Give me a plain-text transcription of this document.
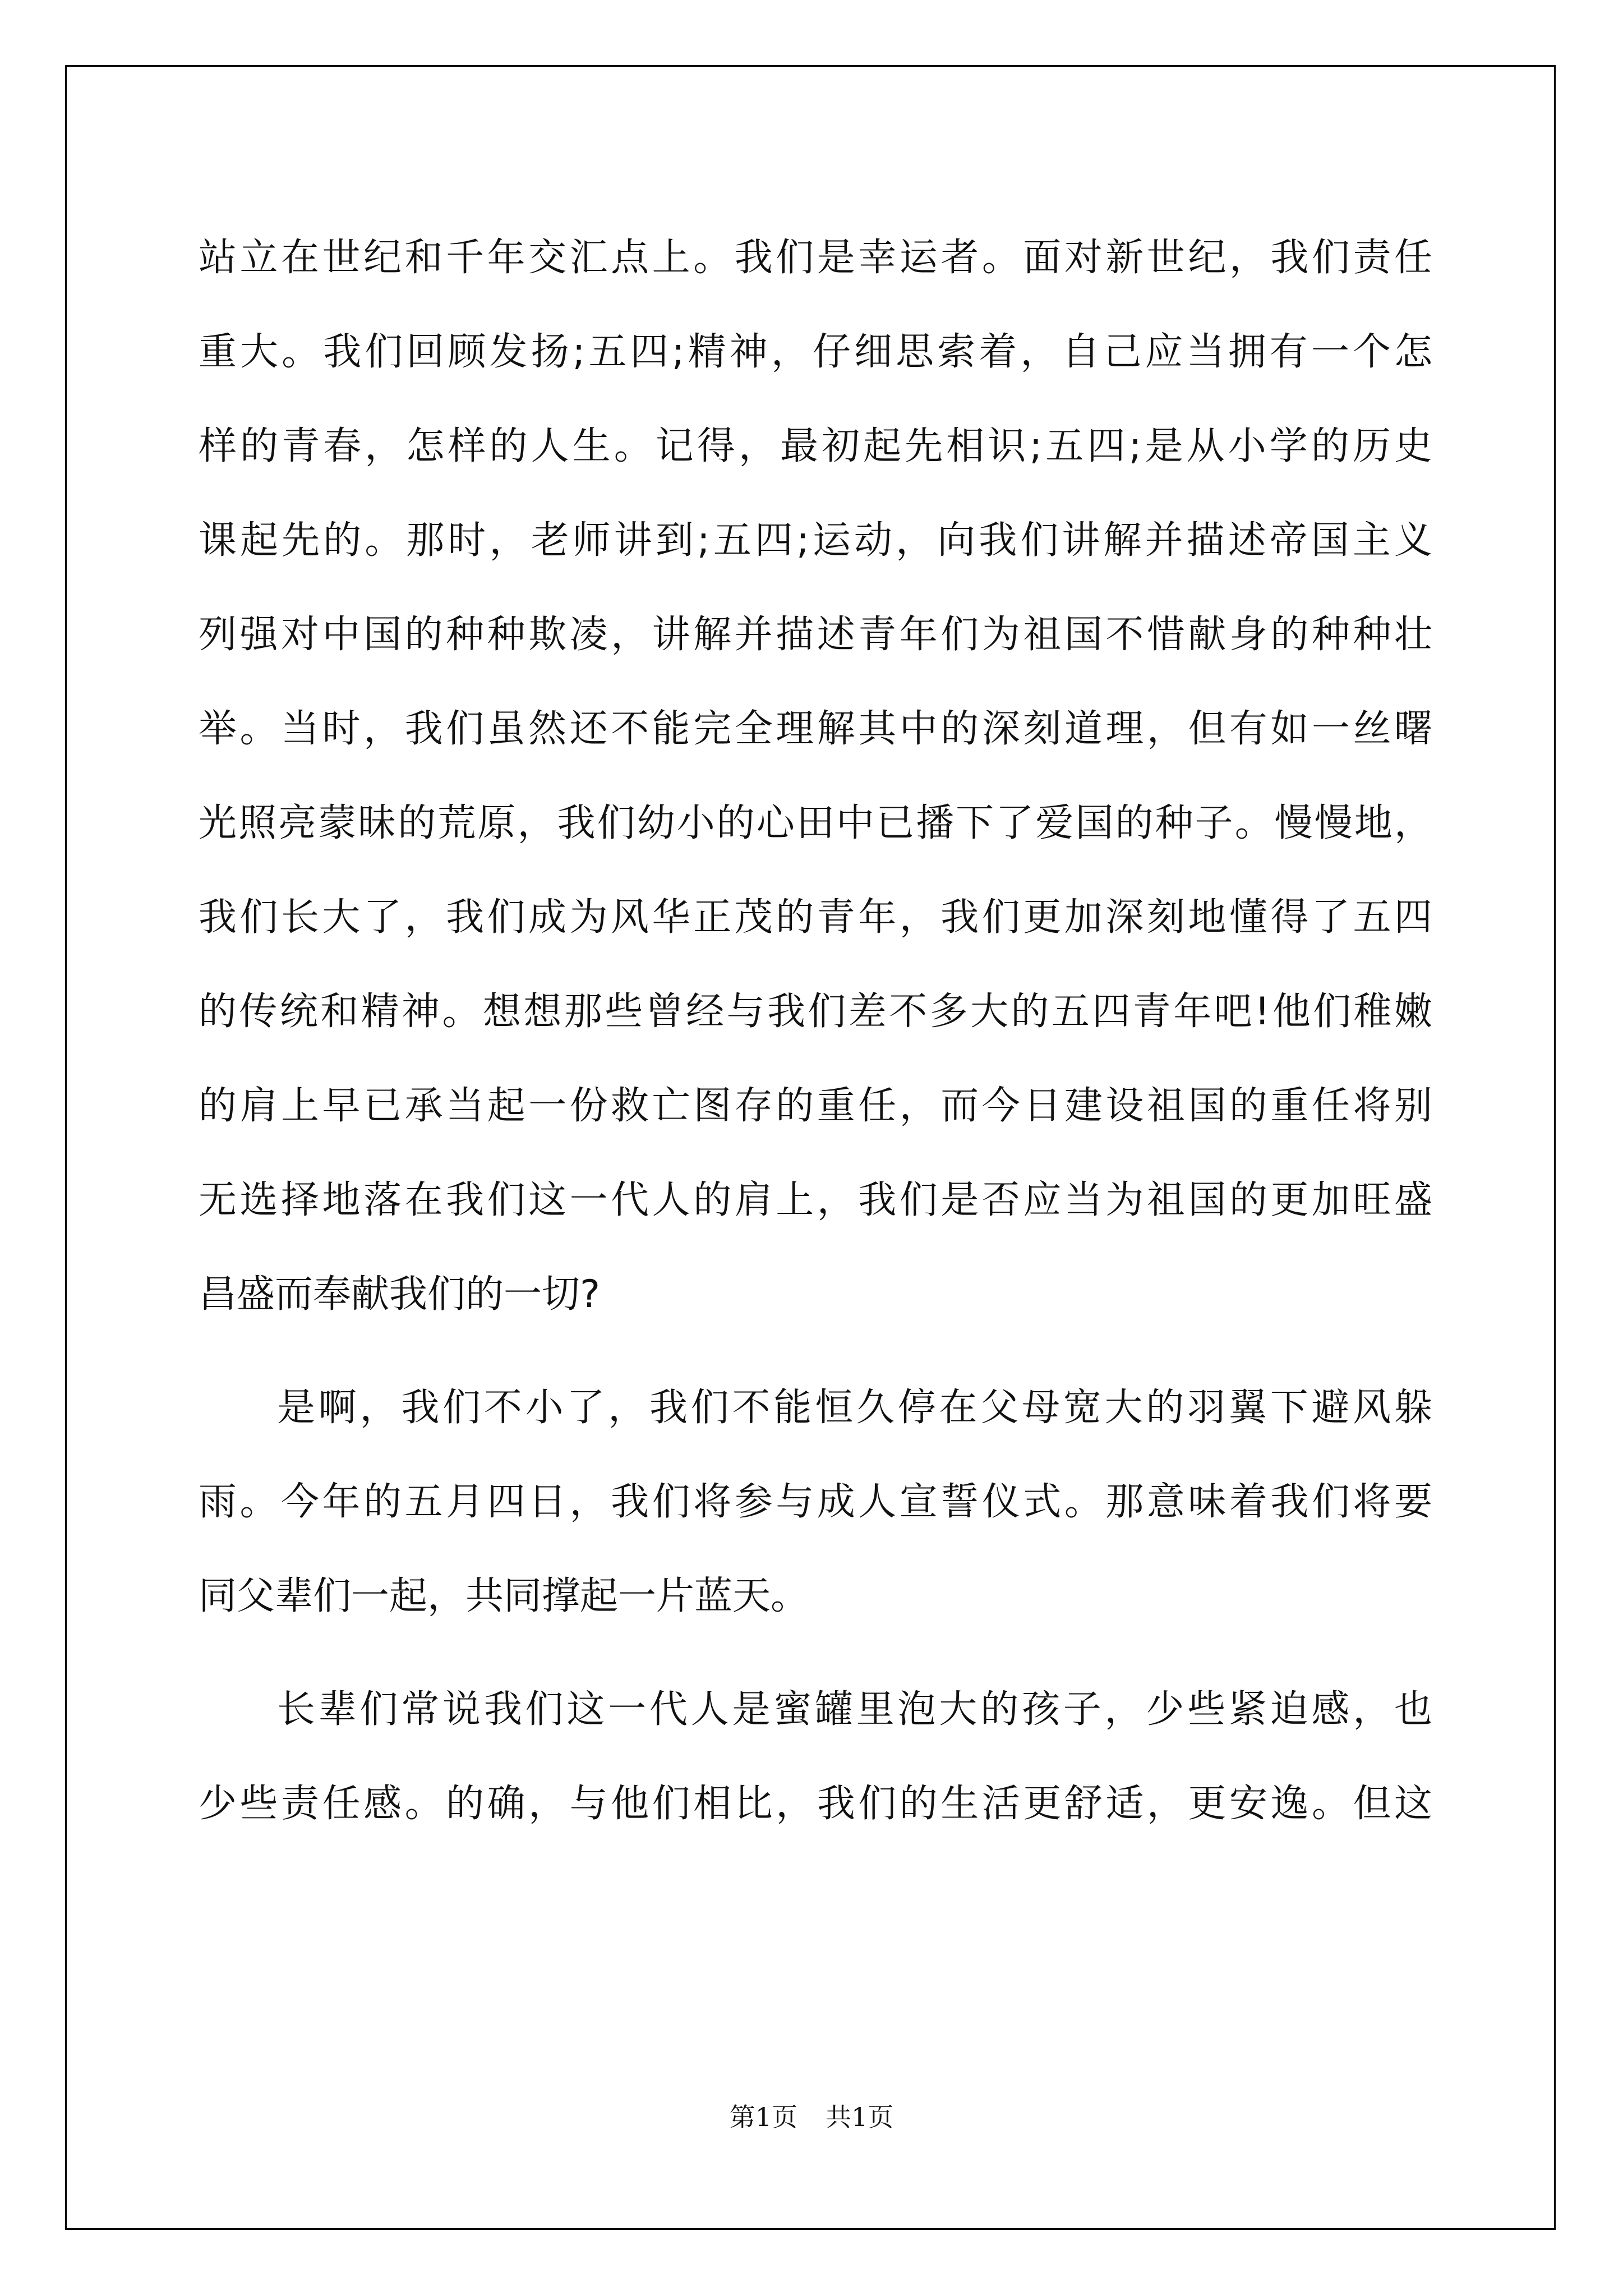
站立在世纪和千年交汇点上。我们是幸运者。面对新世纪，我们责任
重大。我们回顾发扬;五四;精神，仔细思索着，自己应当拥有一个怎
样的青春，怎样的人生。记得，最初起先相识;五四;是从小学的历史
课起先的。那时，老师讲到;五四;运动，向我们讲解并描述帝国主义
列强对中国的种种欺凌，讲解并描述青年们为祖国不惜献身的种种壮
举。当时，我们虽然还不能完全理解其中的深刻道理，但有如一丝曙
光照亮蒙昧的荒原，我们幼小的心田中已播下了爱国的种子。慢慢地，
我们长大了，我们成为风华正茂的青年，我们更加深刻地懂得了五四
的传统和精神。想想那些曾经与我们差不多大的五四青年吧!他们稚嫩
的肩上早已承当起一份救亡图存的重任，而今日建设祖国的重任将别
无选择地落在我们这一代人的肩上，我们是否应当为祖国的更加旺盛
昌盛而奉献我们的一切?
是啊，我们不小了，我们不能恒久停在父母宽大的羽翼下避风躲
雨。今年的五月四日，我们将参与成人宣誓仪式。那意味着我们将要
同父辈们一起，共同撑起一片蓝天。
长辈们常说我们这一代人是蜜罐里泡大的孩子，少些紧迫感，也
少些责任感。的确，与他们相比，我们的生活更舒适，更安逸。但这
第1页 共1页
